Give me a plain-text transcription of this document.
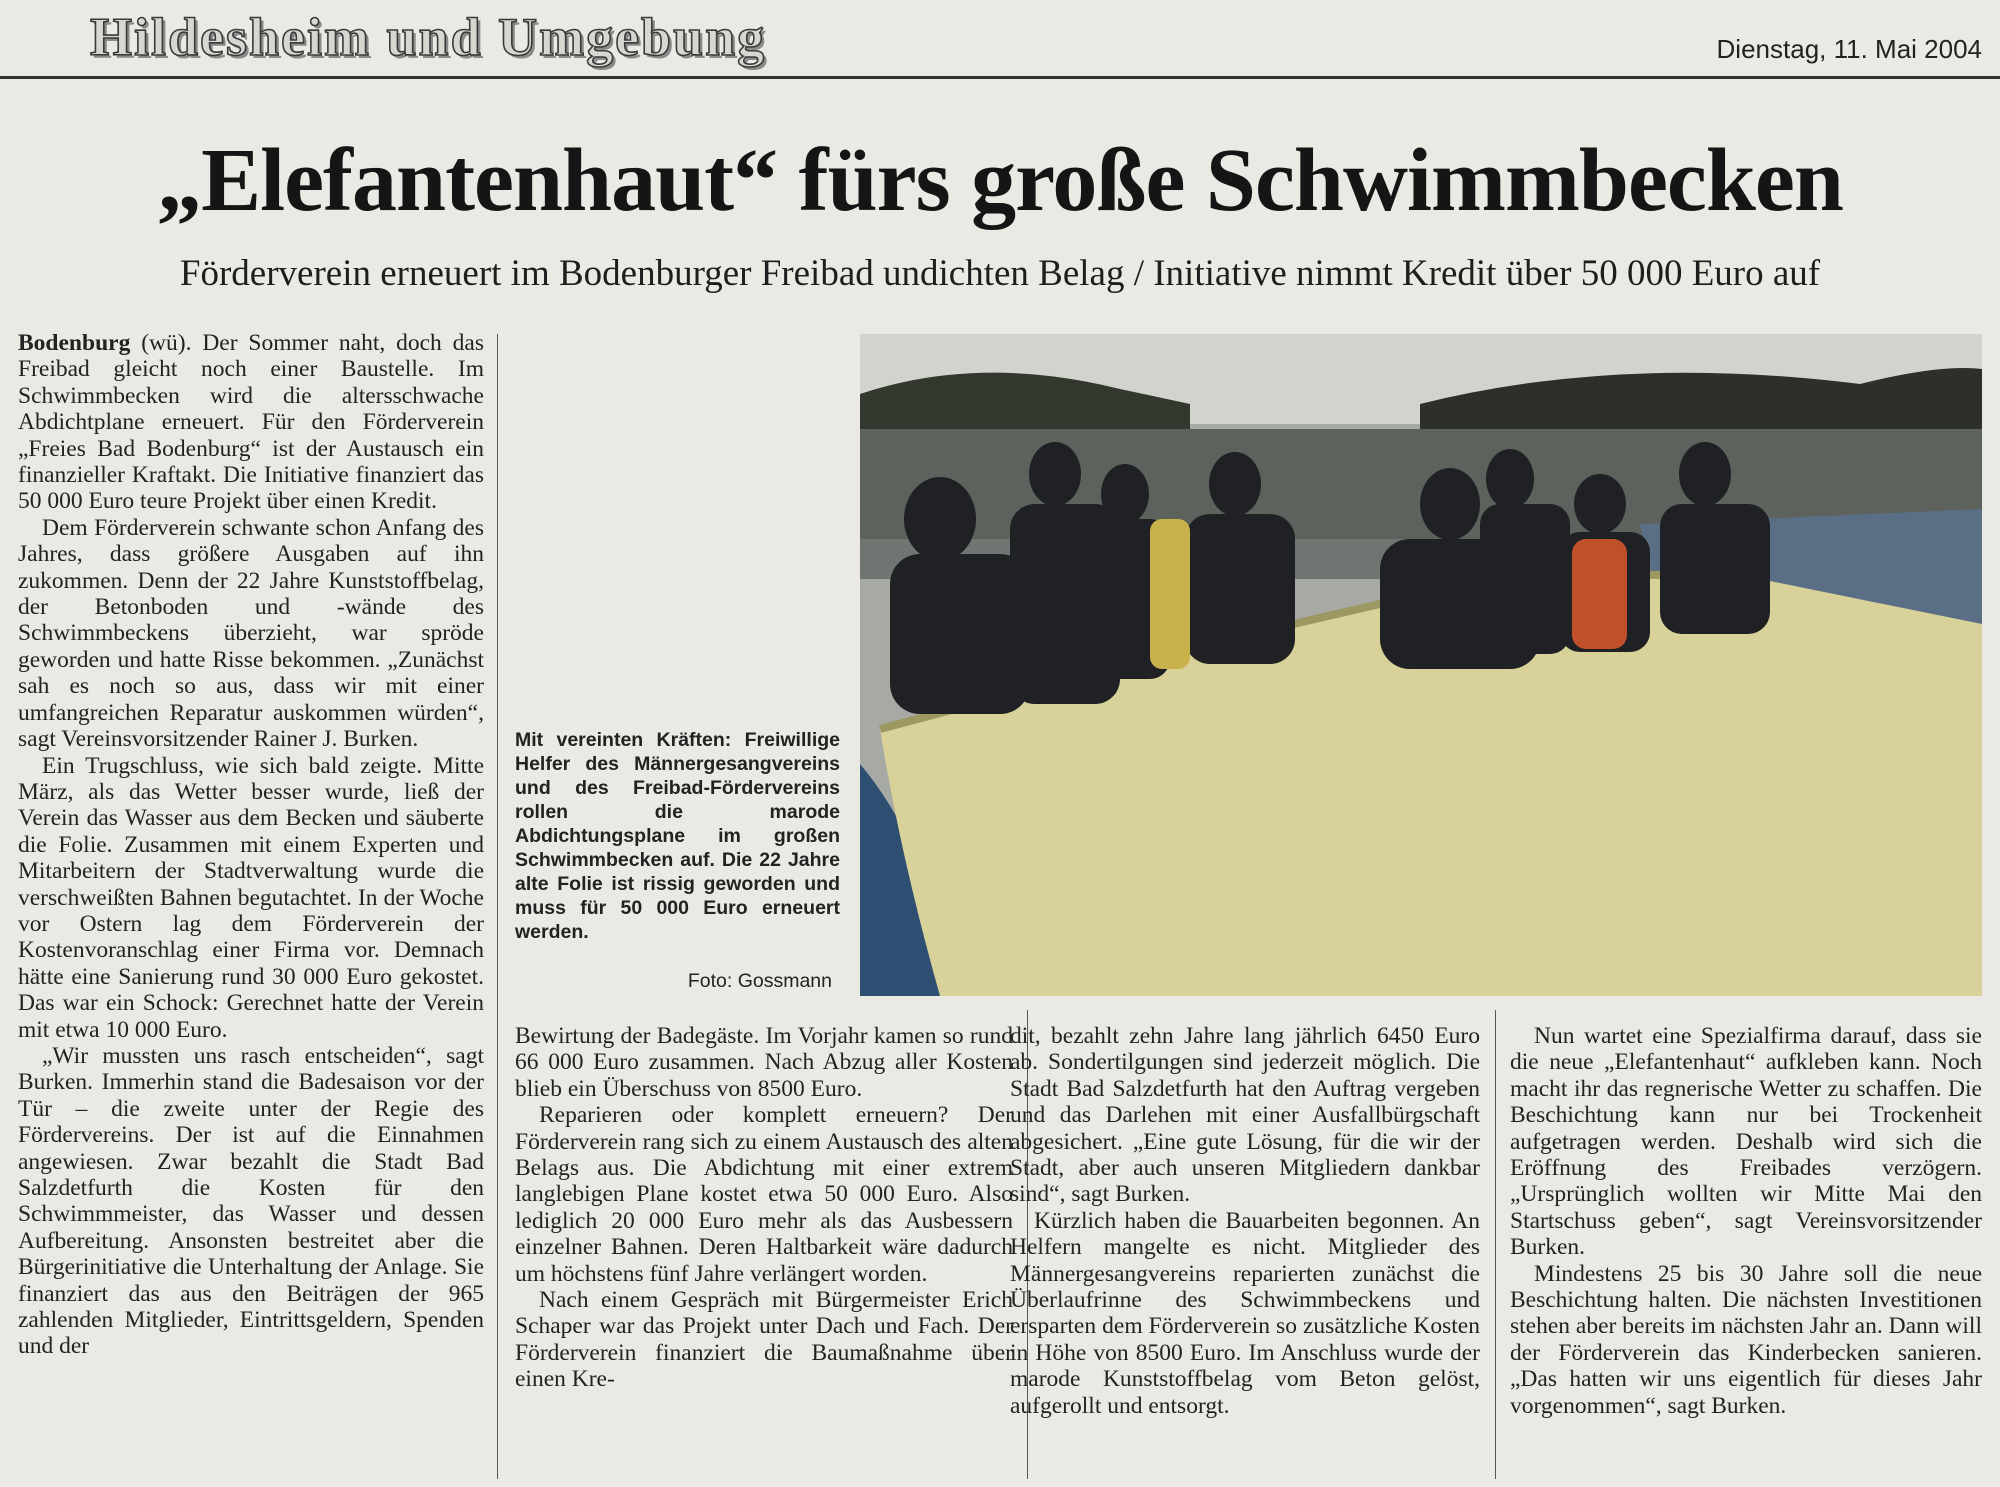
Hildesheim und Umgebung	Dienstag, 11. Mai 2004
„Elefantenhaut“ fürs große Schwimmbecken
Förderverein erneuert im Bodenburger Freibad undichten Belag / Initiative nimmt Kredit über 50 000 Euro auf

Bodenburg (wü). Der Sommer naht, doch das Freibad gleicht noch einer Baustelle. Im Schwimmbecken wird die altersschwache Abdichtplane erneuert. Für den Förderverein „Freies Bad Bodenburg“ ist der Austausch ein finanzieller Kraftakt. Die Initiative finanziert das 50 000 Euro teure Projekt über einen Kredit.

Dem Förderverein schwante schon Anfang des Jahres, dass größere Ausgaben auf ihn zukommen. Denn der 22 Jahre Kunststoffbelag, der Betonboden und -wände des Schwimmbeckens überzieht, war spröde geworden und hatte Risse bekommen. „Zunächst sah es noch so aus, dass wir mit einer umfangreichen Reparatur auskommen würden“, sagt Vereinsvorsitzender Rainer J. Burken.

Ein Trugschluss, wie sich bald zeigte. Mitte März, als das Wetter besser wurde, ließ der Verein das Wasser aus dem Becken und säuberte die Folie. Zusammen mit einem Experten und Mitarbeitern der Stadtverwaltung wurde die verschweißten Bahnen begutachtet. In der Woche vor Ostern lag dem Förderverein der Kostenvoranschlag einer Firma vor. Demnach hätte eine Sanierung rund 30 000 Euro gekostet. Das war ein Schock: Gerechnet hatte der Verein mit etwa 10 000 Euro.

„Wir mussten uns rasch entscheiden“, sagt Burken. Immerhin stand die Badesaison vor der Tür – die zweite unter der Regie des Fördervereins. Der ist auf die Einnahmen angewiesen. Zwar bezahlt die Stadt Bad Salzdetfurth die Kosten für den Schwimmmeister, das Wasser und dessen Aufbereitung. Ansonsten bestreitet aber die Bürgerinitiative die Unterhaltung der Anlage. Sie finanziert das aus den Beiträgen der 965 zahlenden Mitglieder, Eintrittsgeldern, Spenden und der

Mit vereinten Kräften: Freiwillige Helfer des Männergesangvereins und des Freibad-Fördervereins rollen die marode Abdichtungsplane im großen Schwimmbecken auf. Die 22 Jahre alte Folie ist rissig geworden und muss für 50 000 Euro erneuert werden.
Foto: Gossmann

Bewirtung der Badegäste. Im Vorjahr kamen so rund 66 000 Euro zusammen. Nach Abzug aller Kosten blieb ein Überschuss von 8500 Euro.

Reparieren oder komplett erneuern? Der Förderverein rang sich zu einem Austausch des alten Belags aus. Die Abdichtung mit einer extrem langlebigen Plane kostet etwa 50 000 Euro. Also lediglich 20 000 Euro mehr als das Ausbessern einzelner Bahnen. Deren Haltbarkeit wäre dadurch um höchstens fünf Jahre verlängert worden.

Nach einem Gespräch mit Bürgermeister Erich Schaper war das Projekt unter Dach und Fach. Der Förderverein finanziert die Baumaßnahme über einen Kre-

dit, bezahlt zehn Jahre lang jährlich 6450 Euro ab. Sondertilgungen sind jederzeit möglich. Die Stadt Bad Salzdetfurth hat den Auftrag vergeben und das Darlehen mit einer Ausfallbürgschaft abgesichert. „Eine gute Lösung, für die wir der Stadt, aber auch unseren Mitgliedern dankbar sind“, sagt Burken.

Kürzlich haben die Bauarbeiten begonnen. An Helfern mangelte es nicht. Mitglieder des Männergesangvereins reparierten zunächst die Überlaufrinne des Schwimmbeckens und ersparten dem Förderverein so zusätzliche Kosten in Höhe von 8500 Euro. Im Anschluss wurde der marode Kunststoffbelag vom Beton gelöst, aufgerollt und entsorgt.

Nun wartet eine Spezialfirma darauf, dass sie die neue „Elefantenhaut“ aufkleben kann. Noch macht ihr das regnerische Wetter zu schaffen. Die Beschichtung kann nur bei Trockenheit aufgetragen werden. Deshalb wird sich die Eröffnung des Freibades verzögern. „Ursprünglich wollten wir Mitte Mai den Startschuss geben“, sagt Vereinsvorsitzender Burken.

Mindestens 25 bis 30 Jahre soll die neue Beschichtung halten. Die nächsten Investitionen stehen aber bereits im nächsten Jahr an. Dann will der Förderverein das Kinderbecken sanieren. „Das hatten wir uns eigentlich für dieses Jahr vorgenommen“, sagt Burken.
